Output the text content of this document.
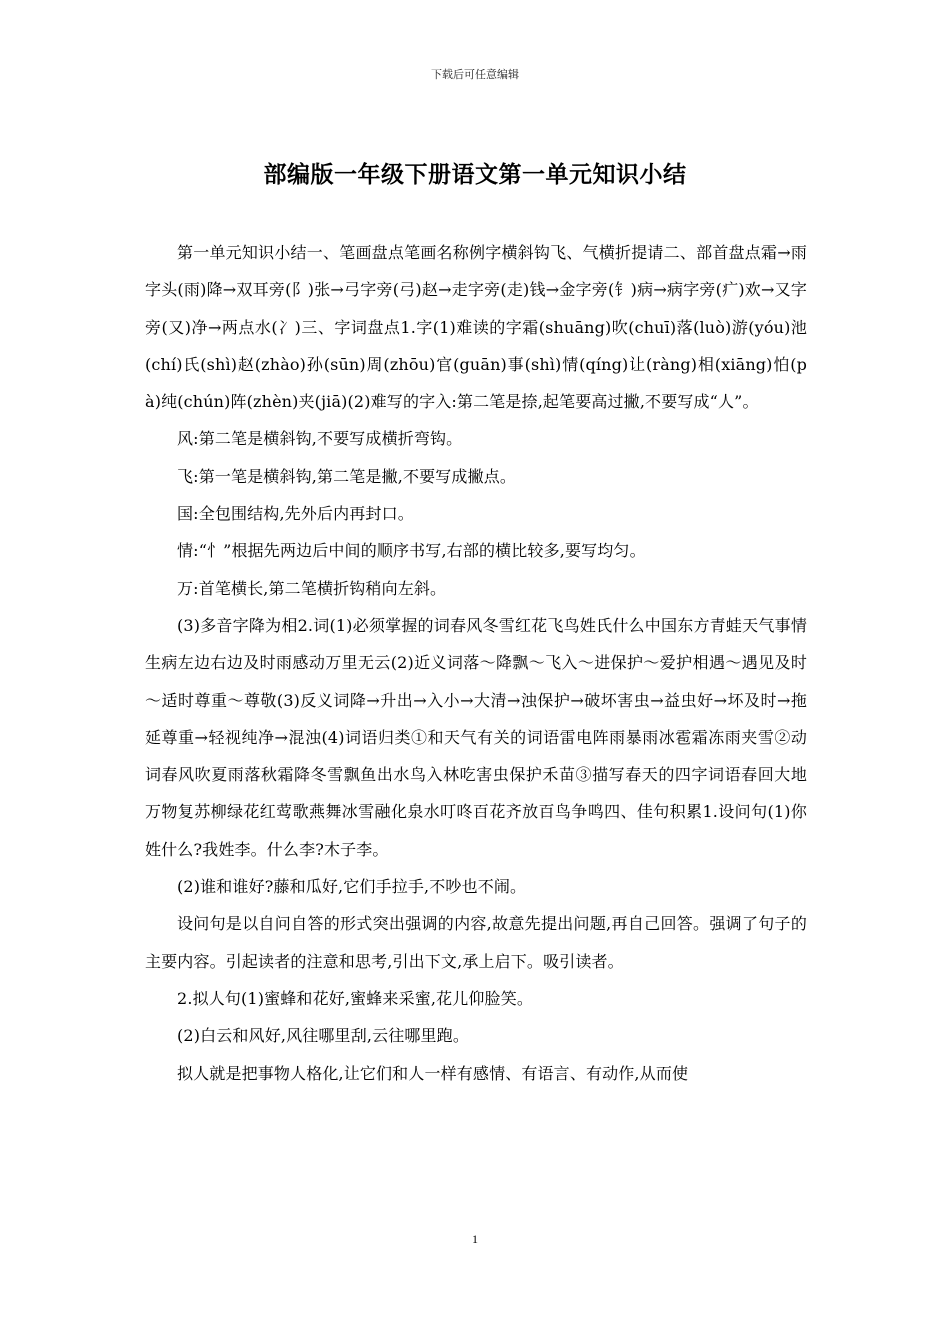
下载后可任意编辑
部编版一年级下册语文第一单元知识小结

第一单元知识小结一、笔画盘点笔画名称例字横斜钩飞、气横折提请二、部首盘点霜→雨字头(雨)降→双耳旁(阝)张→弓字旁(弓)赵→走字旁(走)钱→金字旁(钅)病→病字旁(疒)欢→又字旁(又)净→两点水(冫)三、字词盘点1.字(1)难读的字霜(shuāng)吹(chuī)落(luò)游(yóu)池(chí)氏(shì)赵(zhào)孙(sūn)周(zhōu)官(guān)事(shì)情(qíng)让(ràng)相(xiāng)怕(pà)纯(chún)阵(zhèn)夹(jiā)(2)难写的字入:第二笔是捺,起笔要高过撇,不要写成“人”。

风:第二笔是横斜钩,不要写成横折弯钩。

飞:第一笔是横斜钩,第二笔是撇,不要写成撇点。

国:全包围结构,先外后内再封口。

情:“忄”根据先两边后中间的顺序书写,右部的横比较多,要写均匀。

万:首笔横长,第二笔横折钩稍向左斜。

(3)多音字降为相2.词(1)必须掌握的词春风冬雪红花飞鸟姓氏什么中国东方青蛙天气事情生病左边右边及时雨感动万里无云(2)近义词落～降飘～飞入～进保护～爱护相遇～遇见及时～适时尊重～尊敬(3)反义词降→升出→入小→大清→浊保护→破坏害虫→益虫好→坏及时→拖延尊重→轻视纯净→混浊(4)词语归类①和天气有关的词语雷电阵雨暴雨冰雹霜冻雨夹雪②动词春风吹夏雨落秋霜降冬雪飘鱼出水鸟入林吃害虫保护禾苗③描写春天的四字词语春回大地万物复苏柳绿花红莺歌燕舞冰雪融化泉水叮咚百花齐放百鸟争鸣四、佳句积累1.设问句(1)你姓什么?我姓李。什么李?木子李。

(2)谁和谁好?藤和瓜好,它们手拉手,不吵也不闹。

设问句是以自问自答的形式突出强调的内容,故意先提出问题,再自己回答。强调了句子的主要内容。引起读者的注意和思考,引出下文,承上启下。吸引读者。

2.拟人句(1)蜜蜂和花好,蜜蜂来采蜜,花儿仰脸笑。

(2)白云和风好,风往哪里刮,云往哪里跑。

拟人就是把事物人格化,让它们和人一样有感情、有语言、有动作,从而使

1
